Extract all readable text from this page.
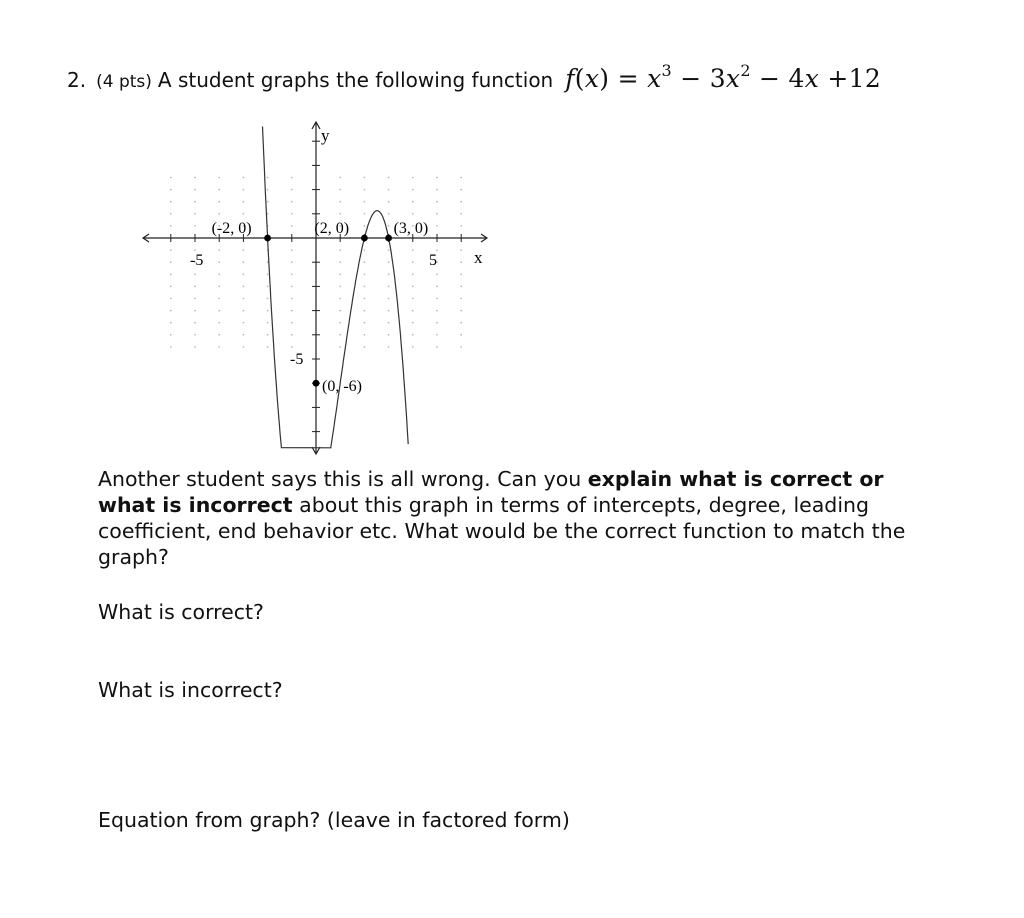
2. (4 pts) A student graphs the following function $f(x) = x^3 - 3x^2 - 4x +12$
y
x
-5	5
-5
(-2, 0)	(2, 0)	(3, 0)
(0, -6)
Another student says this is all wrong. Can you explain what is correct or what is incorrect about this graph in terms of intercepts, degree, leading coefficient, end behavior etc. What would be the correct function to match the graph?
What is correct?
What is incorrect?
Equation from graph? (leave in factored form)
